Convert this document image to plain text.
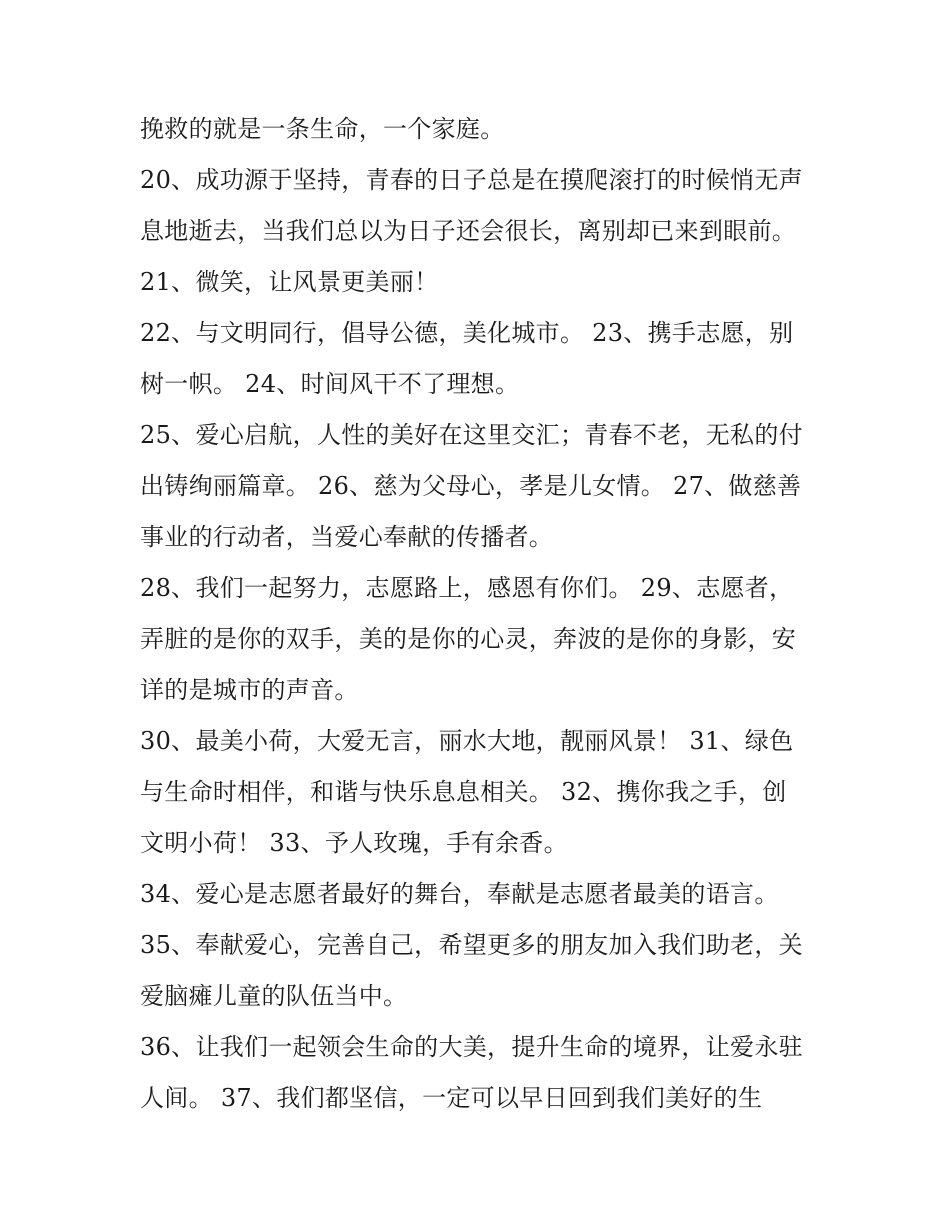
挽救的就是一条生命，一个家庭。
20、成功源于坚持，青春的日子总是在摸爬滚打的时候悄无声
息地逝去，当我们总以为日子还会很长，离别却已来到眼前。
21、微笑，让风景更美丽！
22、与文明同行，倡导公德，美化城市。 23、携手志愿，别
树一帜。 24、时间风干不了理想。
25、爱心启航，人性的美好在这里交汇；青春不老，无私的付
出铸绚丽篇章。 26、慈为父母心，孝是儿女情。 27、做慈善
事业的行动者，当爱心奉献的传播者。
28、我们一起努力，志愿路上，感恩有你们。 29、志愿者，
弄脏的是你的双手，美的是你的心灵，奔波的是你的身影，安
详的是城市的声音。
30、最美小荷，大爱无言，丽水大地，靓丽风景！ 31、绿色
与生命时相伴，和谐与快乐息息相关。 32、携你我之手，创
文明小荷！ 33、予人玫瑰，手有余香。
34、爱心是志愿者最好的舞台，奉献是志愿者最美的语言。
35、奉献爱心，完善自己，希望更多的朋友加入我们助老，关
爱脑瘫儿童的队伍当中。
36、让我们一起领会生命的大美，提升生命的境界，让爱永驻
人间。 37、我们都坚信，一定可以早日回到我们美好的生
